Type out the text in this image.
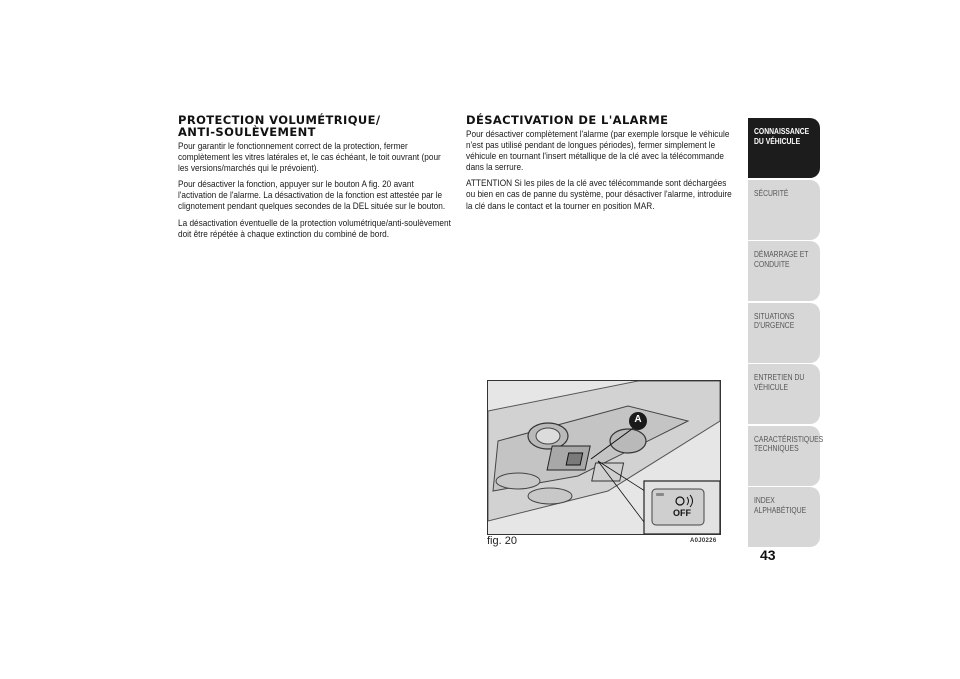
PROTECTION VOLUMÉTRIQUE/
ANTI-SOULÈVEMENT

Pour garantir le fonctionnement correct de la protection, fermer complètement les vitres latérales et, le cas échéant, le toit ouvrant (pour les versions/marchés qui le prévoient).

Pour désactiver la fonction, appuyer sur le bouton A fig. 20 avant l'activation de l'alarme. La désactivation de la fonction est attestée par le clignotement pendant quelques secondes de la DEL située sur le bouton.

La désactivation éventuelle de la protection volumétrique/anti-soulèvement doit être répétée à chaque extinction du combiné de bord.

DÉSACTIVATION DE L'ALARME

Pour désactiver complètement l'alarme (par exemple lorsque le véhicule n'est pas utilisé pendant de longues périodes), fermer simplement le véhicule en tournant l'insert métallique de la clé avec la télécommande dans la serrure.

ATTENTION Si les piles de la clé avec télécommande sont déchargées ou bien en cas de panne du système, pour désactiver l'alarme, introduire la clé dans le contact et la tourner en position MAR.

A
OFF
fig. 20	A0J0226
CONNAISSANCE
DU VÉHICULE
SÉCURITÉ
DÉMARRAGE ET
CONDUITE
SITUATIONS
D'URGENCE
ENTRETIEN DU
VÉHICULE
CARACTÉRISTIQUES
TECHNIQUES
INDEX
ALPHABÉTIQUE
43
